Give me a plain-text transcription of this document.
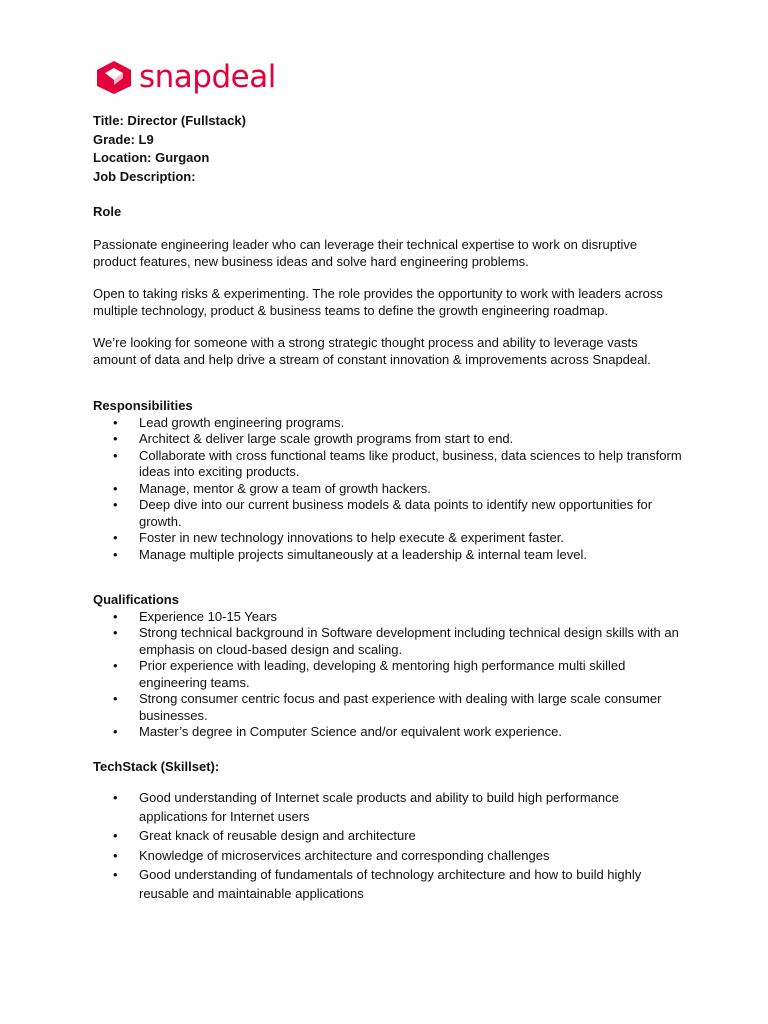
snapdeal
Title: Director (Fullstack)
Grade: L9
Location: Gurgaon
Job Description:
Role
Passionate engineering leader who can leverage their technical expertise to work on disruptive product features, new business ideas and solve hard engineering problems.
Open to taking risks & experimenting. The role provides the opportunity to work with leaders across multiple technology, product & business teams to define the growth engineering roadmap.
We’re looking for someone with a strong strategic thought process and ability to leverage vasts amount of data and help drive a stream of constant innovation & improvements across Snapdeal.
Responsibilities
• Lead growth engineering programs.
• Architect & deliver large scale growth programs from start to end.
• Collaborate with cross functional teams like product, business, data sciences to help transform ideas into exciting products.
• Manage, mentor & grow a team of growth hackers.
• Deep dive into our current business models & data points to identify new opportunities for growth.
• Foster in new technology innovations to help execute & experiment faster.
• Manage multiple projects simultaneously at a leadership & internal team level.
Qualifications
• Experience 10-15 Years
• Strong technical background in Software development including technical design skills with an emphasis on cloud-based design and scaling.
• Prior experience with leading, developing & mentoring high performance multi skilled engineering teams.
• Strong consumer centric focus and past experience with dealing with large scale consumer businesses.
• Master’s degree in Computer Science and/or equivalent work experience.
TechStack (Skillset):
• Good understanding of Internet scale products and ability to build high performance applications for Internet users
• Great knack of reusable design and architecture
• Knowledge of microservices architecture and corresponding challenges
• Good understanding of fundamentals of technology architecture and how to build highly reusable and maintainable applications
